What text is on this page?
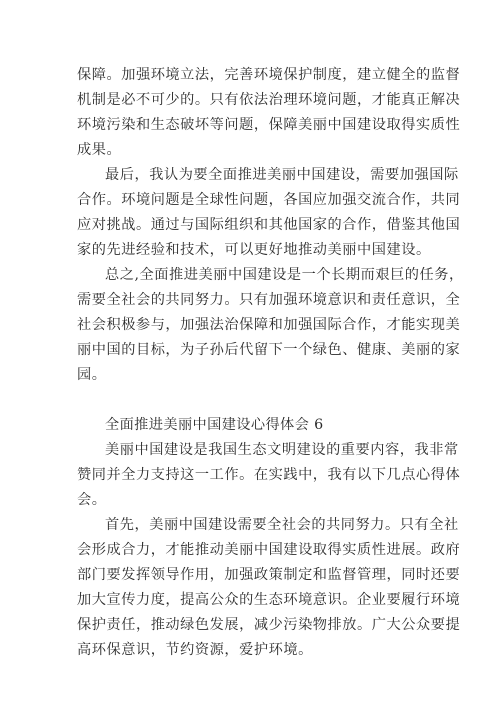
保障。加强环境立法，完善环境保护制度，建立健全的监督
机制是必不可少的。只有依法治理环境问题，才能真正解决
环境污染和生态破坏等问题，保障美丽中国建设取得实质性
成果。
最后，我认为要全面推进美丽中国建设，需要加强国际
合作。环境问题是全球性问题，各国应加强交流合作，共同
应对挑战。通过与国际组织和其他国家的合作，借鉴其他国
家的先进经验和技术，可以更好地推动美丽中国建设。
总之,全面推进美丽中国建设是一个长期而艰巨的任务，
需要全社会的共同努力。只有加强环境意识和责任意识，全
社会积极参与，加强法治保障和加强国际合作，才能实现美
丽中国的目标，为子孙后代留下一个绿色、健康、美丽的家
园。
全面推进美丽中国建设心得体会 6
美丽中国建设是我国生态文明建设的重要内容，我非常
赞同并全力支持这一工作。在实践中，我有以下几点心得体
会。
首先，美丽中国建设需要全社会的共同努力。只有全社
会形成合力，才能推动美丽中国建设取得实质性进展。政府
部门要发挥领导作用，加强政策制定和监督管理，同时还要
加大宣传力度，提高公众的生态环境意识。企业要履行环境
保护责任，推动绿色发展，减少污染物排放。广大公众要提
高环保意识，节约资源，爱护环境。
